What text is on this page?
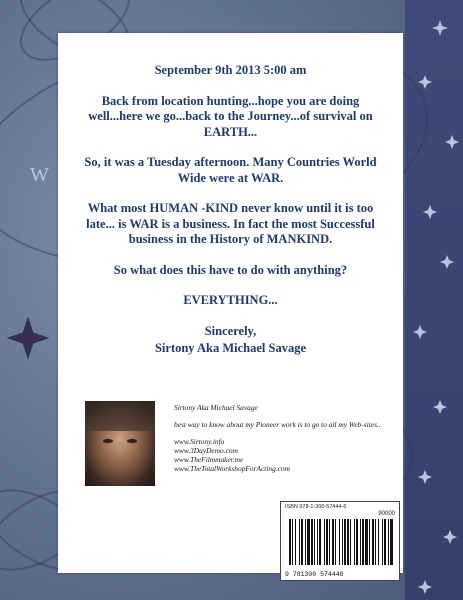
W

September 9th 2013 5:00 am

Back from location hunting...hope you are doing well...here we go...back to the Journey...of survival on EARTH...

So, it was a Tuesday afternoon. Many Countries World Wide were at WAR.

What most HUMAN -KIND never know until it is too late... is WAR is a business. In fact the most Successful business in the History of MANKIND.

So what does this have to do with anything?

EVERYTHING...

Sincerely,
Sirtony Aka Michael Savage
Sirtony Aka Michael Savage
best way to know about my Pioneer work is to go to all my Web-sites..
www.Sirtony.info
www.3DayDemo.com
www.TheFilmmaker.me
www.TheTotalWorkshopForActing.com
ISBN 978-1-300-57444-6
90000
9 781300 574446
